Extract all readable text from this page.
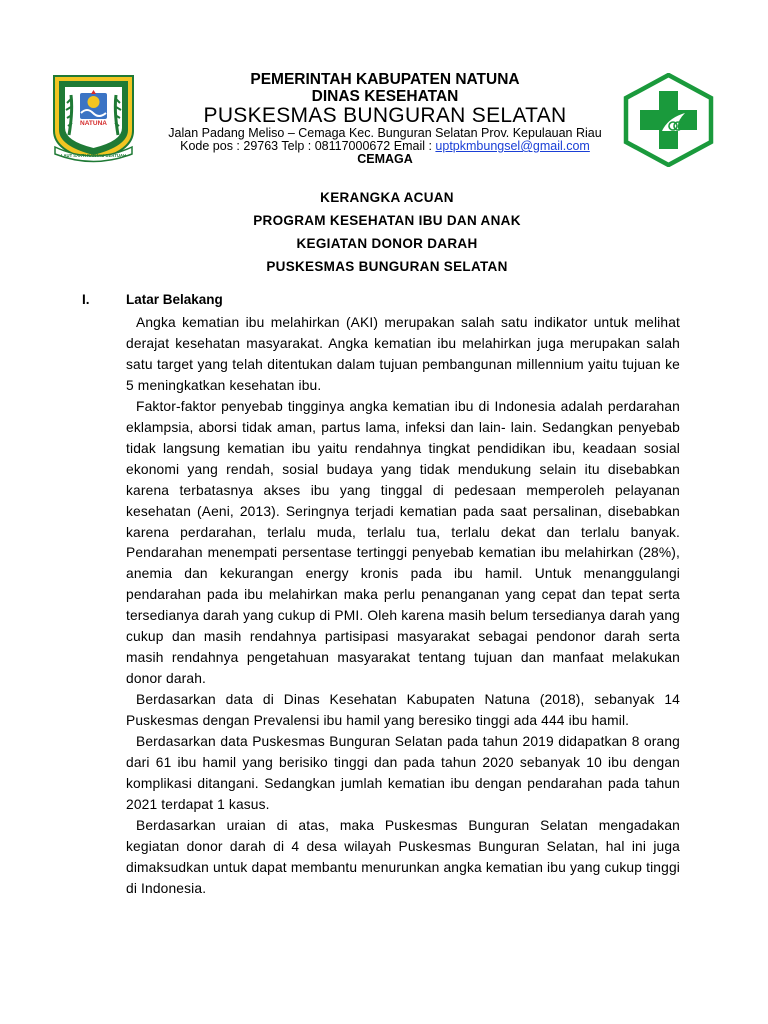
NATUNA
LAUT SAKTI RANTAU BERTUAH
PEMERINTAH KABUPATEN NATUNA
DINAS KESEHATAN
PUSKESMAS BUNGURAN SELATAN
Jalan Padang Meliso – Cemaga Kec. Bunguran Selatan Prov. Kepulauan Riau
Kode pos : 29763 Telp : 08117000672 Email : uptpkmbungsel@gmail.com
CEMAGA
KERANGKA ACUAN
PROGRAM KESEHATAN IBU DAN ANAK
KEGIATAN DONOR DARAH
PUSKESMAS BUNGURAN SELATAN
I.	Latar Belakang

Angka kematian ibu melahirkan (AKI) merupakan salah satu indikator untuk melihat derajat kesehatan masyarakat. Angka kematian ibu melahirkan juga merupakan salah satu target yang telah ditentukan dalam tujuan pembangunan millennium yaitu tujuan ke 5 meningkatkan kesehatan ibu.

Faktor-faktor penyebab tingginya angka kematian ibu di Indonesia adalah perdarahan eklampsia, aborsi tidak aman, partus lama, infeksi dan lain- lain. Sedangkan penyebab tidak langsung kematian ibu yaitu rendahnya tingkat pendidikan ibu, keadaan sosial ekonomi yang rendah, sosial budaya yang tidak mendukung selain itu disebabkan karena terbatasnya akses ibu yang tinggal di pedesaan memperoleh pelayanan kesehatan (Aeni, 2013). Seringnya terjadi kematian pada saat persalinan, disebabkan karena perdarahan, terlalu muda, terlalu tua, terlalu dekat dan terlalu banyak. Pendarahan menempati persentase tertinggi penyebab kematian ibu melahirkan (28%), anemia dan kekurangan energy kronis pada ibu hamil. Untuk menanggulangi pendarahan pada ibu melahirkan maka perlu penanganan yang cepat dan tepat serta tersedianya darah yang cukup di PMI. Oleh karena masih belum tersedianya darah yang cukup dan masih rendahnya partisipasi masyarakat sebagai pendonor darah serta masih rendahnya pengetahuan masyarakat tentang tujuan dan manfaat melakukan donor darah.

Berdasarkan data di Dinas Kesehatan Kabupaten Natuna (2018), sebanyak 14 Puskesmas dengan Prevalensi ibu hamil yang beresiko tinggi ada 444 ibu hamil.

Berdasarkan data Puskesmas Bunguran Selatan pada tahun 2019 didapatkan 8 orang dari 61 ibu hamil yang berisiko tinggi dan pada tahun 2020 sebanyak 10 ibu dengan komplikasi ditangani. Sedangkan jumlah kematian ibu dengan pendarahan pada tahun 2021 terdapat 1 kasus.

Berdasarkan uraian di atas, maka Puskesmas Bunguran Selatan mengadakan kegiatan donor darah di 4 desa wilayah Puskesmas Bunguran Selatan, hal ini juga dimaksudkan untuk dapat membantu menurunkan angka kematian ibu yang cukup tinggi di Indonesia.
